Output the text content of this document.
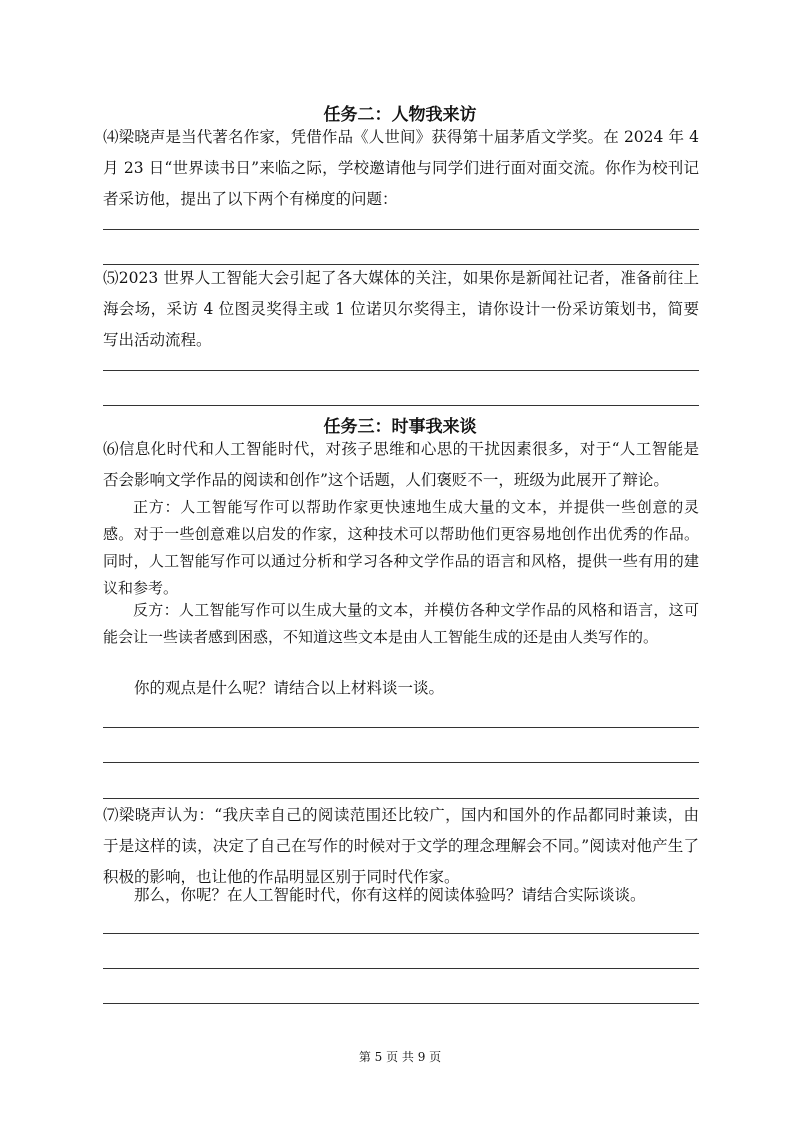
任务二：人物我来访
⑷梁晓声是当代著名作家，凭借作品《人世间》获得第十届茅盾文学奖。在 2024 年 4 月 23 日“世界读书日”来临之际，学校邀请他与同学们进行面对面交流。你作为校刊记者采访他，提出了以下两个有梯度的问题：
⑸2023 世界人工智能大会引起了各大媒体的关注，如果你是新闻社记者，准备前往上海会场，采访 4 位图灵奖得主或 1 位诺贝尔奖得主，请你设计一份采访策划书，简要写出活动流程。
任务三：时事我来谈
⑹信息化时代和人工智能时代，对孩子思维和心思的干扰因素很多，对于“人工智能是否会影响文学作品的阅读和创作”这个话题，人们褒贬不一，班级为此展开了辩论。
正方：人工智能写作可以帮助作家更快速地生成大量的文本，并提供一些创意的灵感。对于一些创意难以启发的作家，这种技术可以帮助他们更容易地创作出优秀的作品。同时，人工智能写作可以通过分析和学习各种文学作品的语言和风格，提供一些有用的建议和参考。
反方：人工智能写作可以生成大量的文本，并模仿各种文学作品的风格和语言，这可能会让一些读者感到困惑，不知道这些文本是由人工智能生成的还是由人类写作的。
你的观点是什么呢？请结合以上材料谈一谈。
⑺梁晓声认为：“我庆幸自己的阅读范围还比较广，国内和国外的作品都同时兼读，由于是这样的读，决定了自己在写作的时候对于文学的理念理解会不同。”阅读对他产生了积极的影响，也让他的作品明显区别于同时代作家。
那么，你呢？在人工智能时代，你有这样的阅读体验吗？请结合实际谈谈。
第 5 页 共 9 页
